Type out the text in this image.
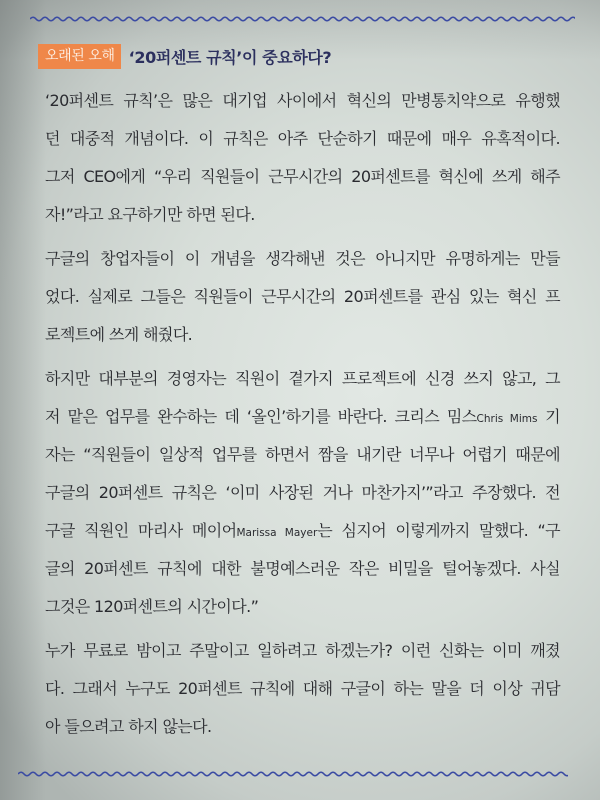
오래된 오해 ‘20퍼센트 규칙’이 중요하다?
‘20퍼센트 규칙’은 많은 대기업 사이에서 혁신의 만병통치약으로 유행했
던 대중적 개념이다. 이 규칙은 아주 단순하기 때문에 매우 유혹적이다.
그저 CEO에게 “우리 직원들이 근무시간의 20퍼센트를 혁신에 쓰게 해주
자!”라고 요구하기만 하면 된다.
구글의 창업자들이 이 개념을 생각해낸 것은 아니지만 유명하게는 만들
었다. 실제로 그들은 직원들이 근무시간의 20퍼센트를 관심 있는 혁신 프
로젝트에 쓰게 해줬다.
하지만 대부분의 경영자는 직원이 곁가지 프로젝트에 신경 쓰지 않고, 그
저 맡은 업무를 완수하는 데 ‘올인’하기를 바란다. 크리스 밈스Chris Mims 기
자는 “직원들이 일상적 업무를 하면서 짬을 내기란 너무나 어렵기 때문에
구글의 20퍼센트 규칙은 ‘이미 사장된 거나 마찬가지’”라고 주장했다. 전
구글 직원인 마리사 메이어Marissa Mayer는 심지어 이렇게까지 말했다. “구
글의 20퍼센트 규칙에 대한 불명예스러운 작은 비밀을 털어놓겠다. 사실
그것은 120퍼센트의 시간이다.”
누가 무료로 밤이고 주말이고 일하려고 하겠는가? 이런 신화는 이미 깨졌
다. 그래서 누구도 20퍼센트 규칙에 대해 구글이 하는 말을 더 이상 귀담
아 들으려고 하지 않는다.
